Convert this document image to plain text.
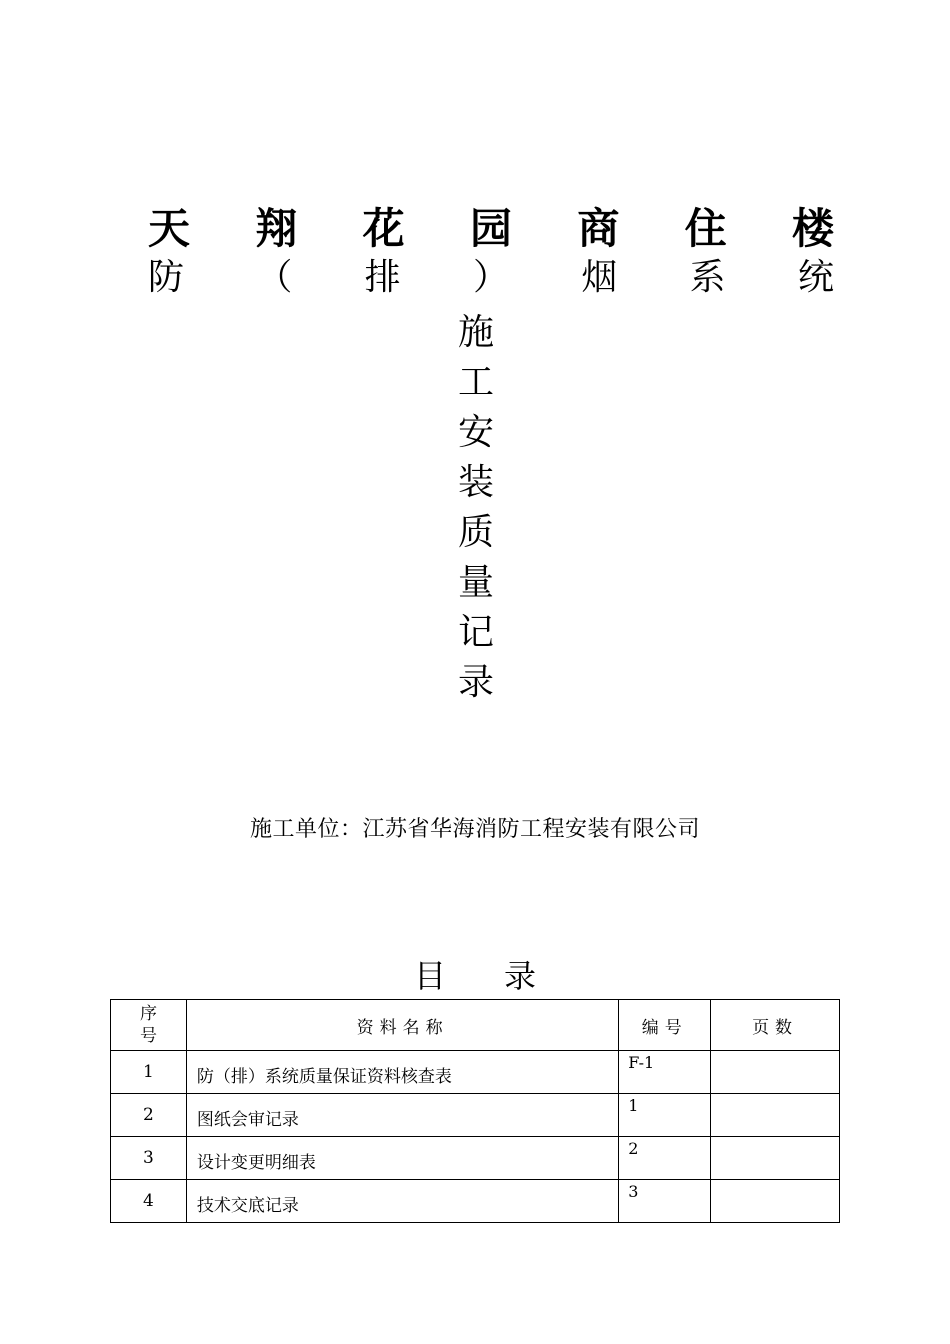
天 翔 花 园 商 住 楼
防 （ 排 ） 烟 系 统
施
工
安
装
质
量
记
录
施工单位：江苏省华海消防工程安装有限公司
目 录
序号	资料名称	编号	页数
1	防（排）系统质量保证资料核查表	F-1	
2	图纸会审记录	1	
3	设计变更明细表	2	
4	技术交底记录	3	
